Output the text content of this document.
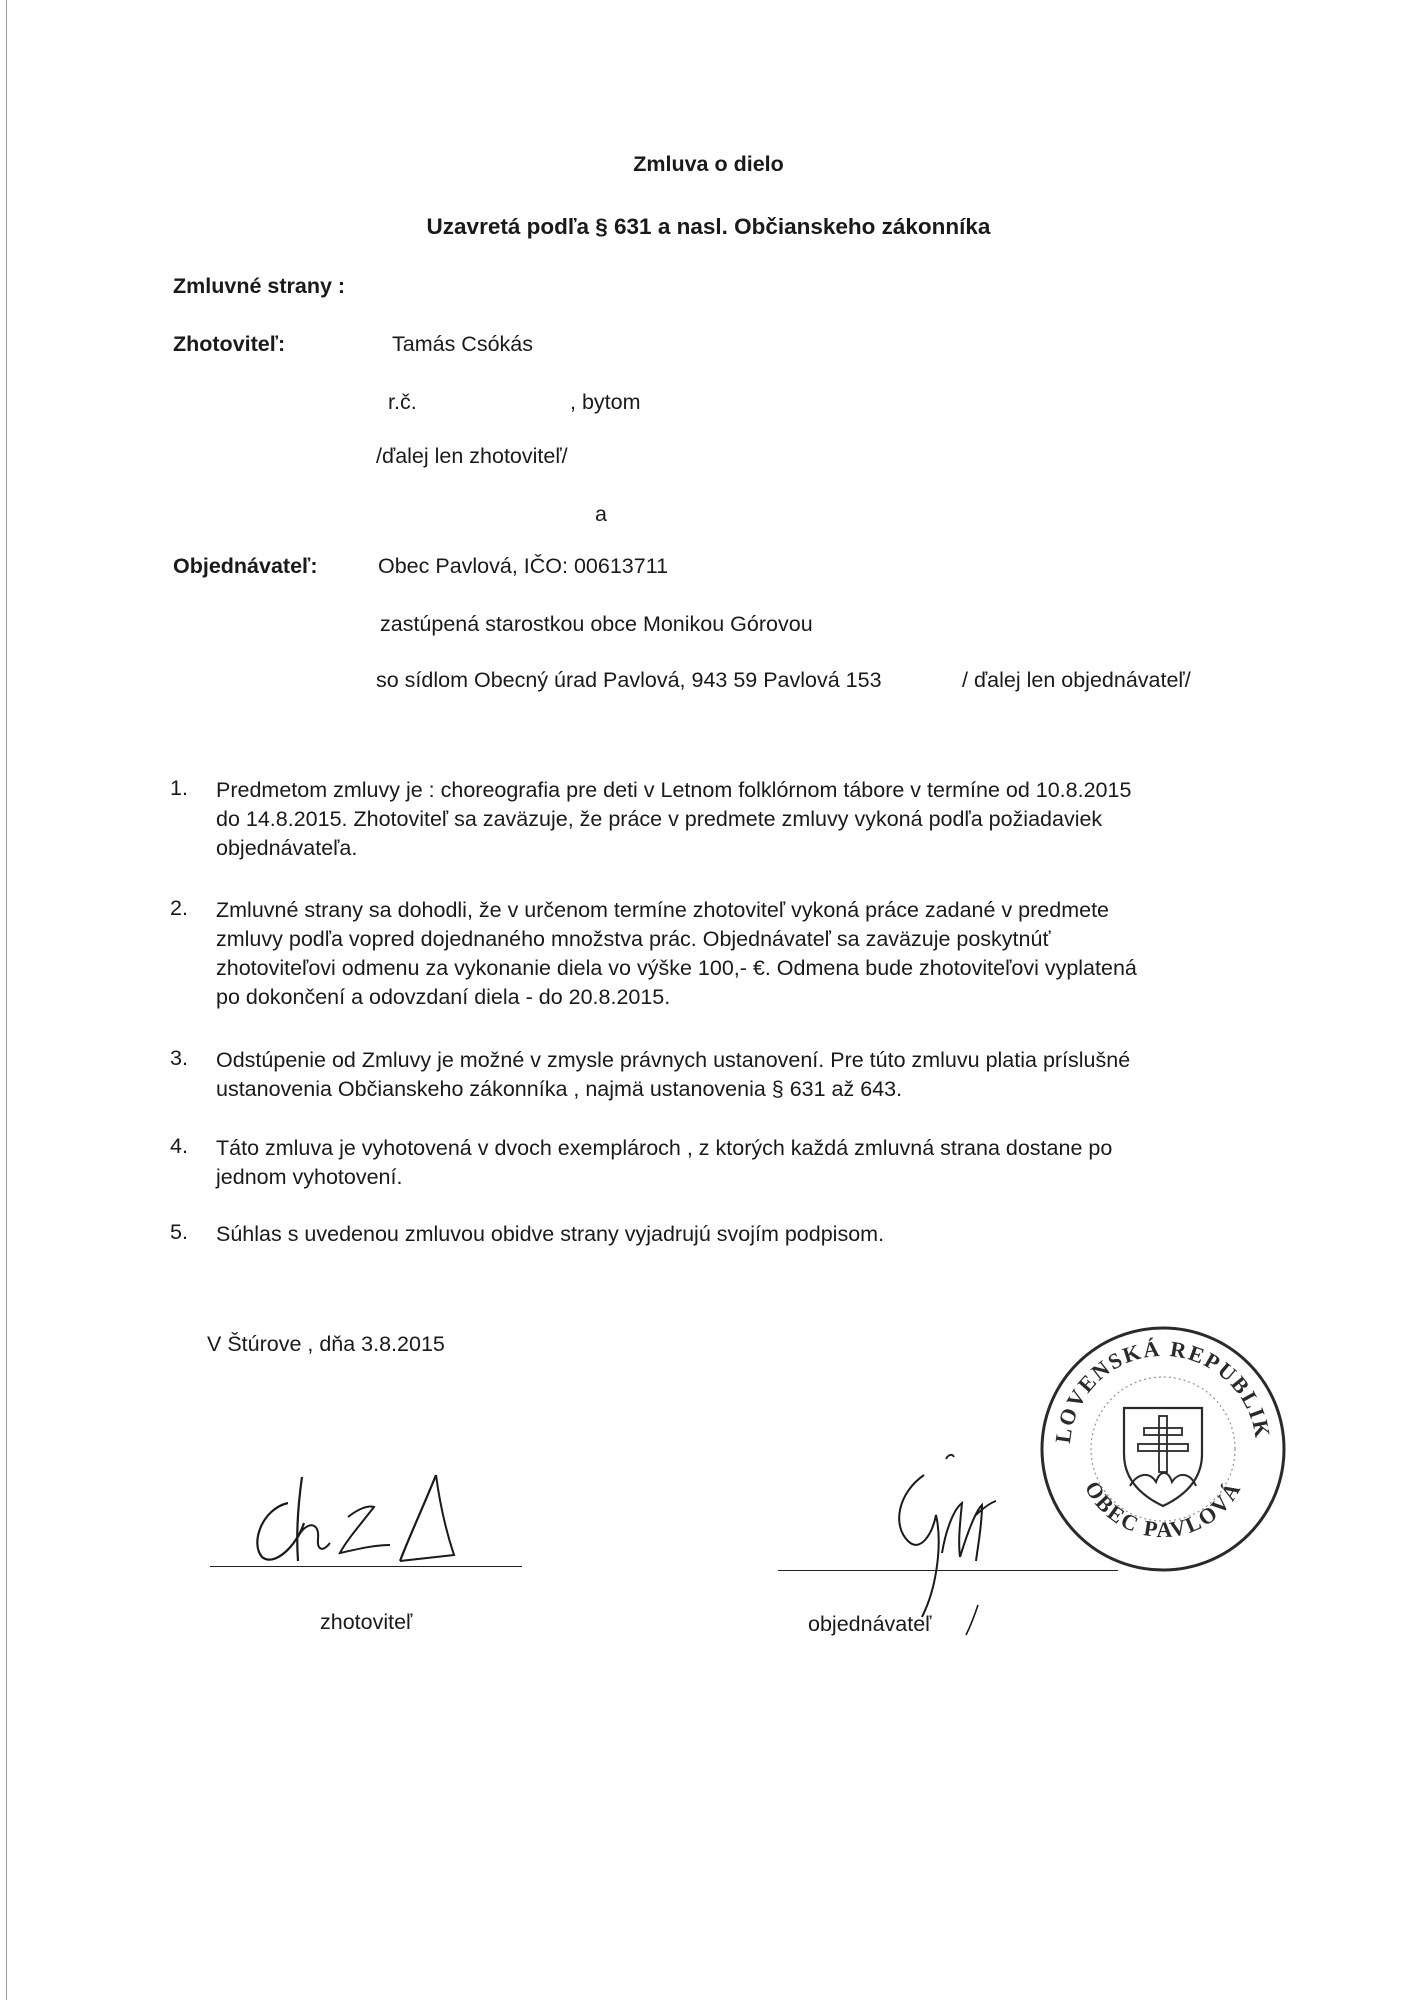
Zmluva o dielo
Uzavretá podľa § 631 a nasl. Občianskeho zákonníka
Zmluvné strany :
Zhotoviteľ:	Tamás Csókás
r.č.	, bytom
/ďalej len zhotoviteľ/
a
Objednávateľ:	Obec Pavlová, IČO: 00613711
zastúpená starostkou obce Monikou Górovou
so sídlom Obecný úrad Pavlová, 943 59 Pavlová 153	/ ďalej len objednávateľ/
1. Predmetom zmluvy je : choreografia pre deti v Letnom folklórnom tábore v termíne od 10.8.2015
do 14.8.2015. Zhotoviteľ sa zaväzuje, že práce v predmete zmluvy vykoná podľa požiadaviek
objednávateľa.
2. Zmluvné strany sa dohodli, že v určenom termíne zhotoviteľ vykoná práce zadané v predmete
zmluvy podľa vopred dojednaného množstva prác. Objednávateľ sa zaväzuje poskytnúť
zhotoviteľovi odmenu za vykonanie diela vo výške 100,- €. Odmena bude zhotoviteľovi vyplatená
po dokončení a odovzdaní diela - do 20.8.2015.
3. Odstúpenie od Zmluvy je možné v zmysle právnych ustanovení. Pre túto zmluvu platia príslušné
ustanovenia Občianskeho zákonníka , najmä ustanovenia § 631 až 643.
4. Táto zmluva je vyhotovená v dvoch exemplároch , z ktorých každá zmluvná strana dostane po
jednom vyhotovení.
5. Súhlas s uvedenou zmluvou obidve strany vyjadrujú svojím podpisom.
V Štúrove , dňa 3.8.2015
zhotoviteľ	objednávateľ
SLOVENSKÁ REPUBLIKA
OBEC PAVLOVÁ
